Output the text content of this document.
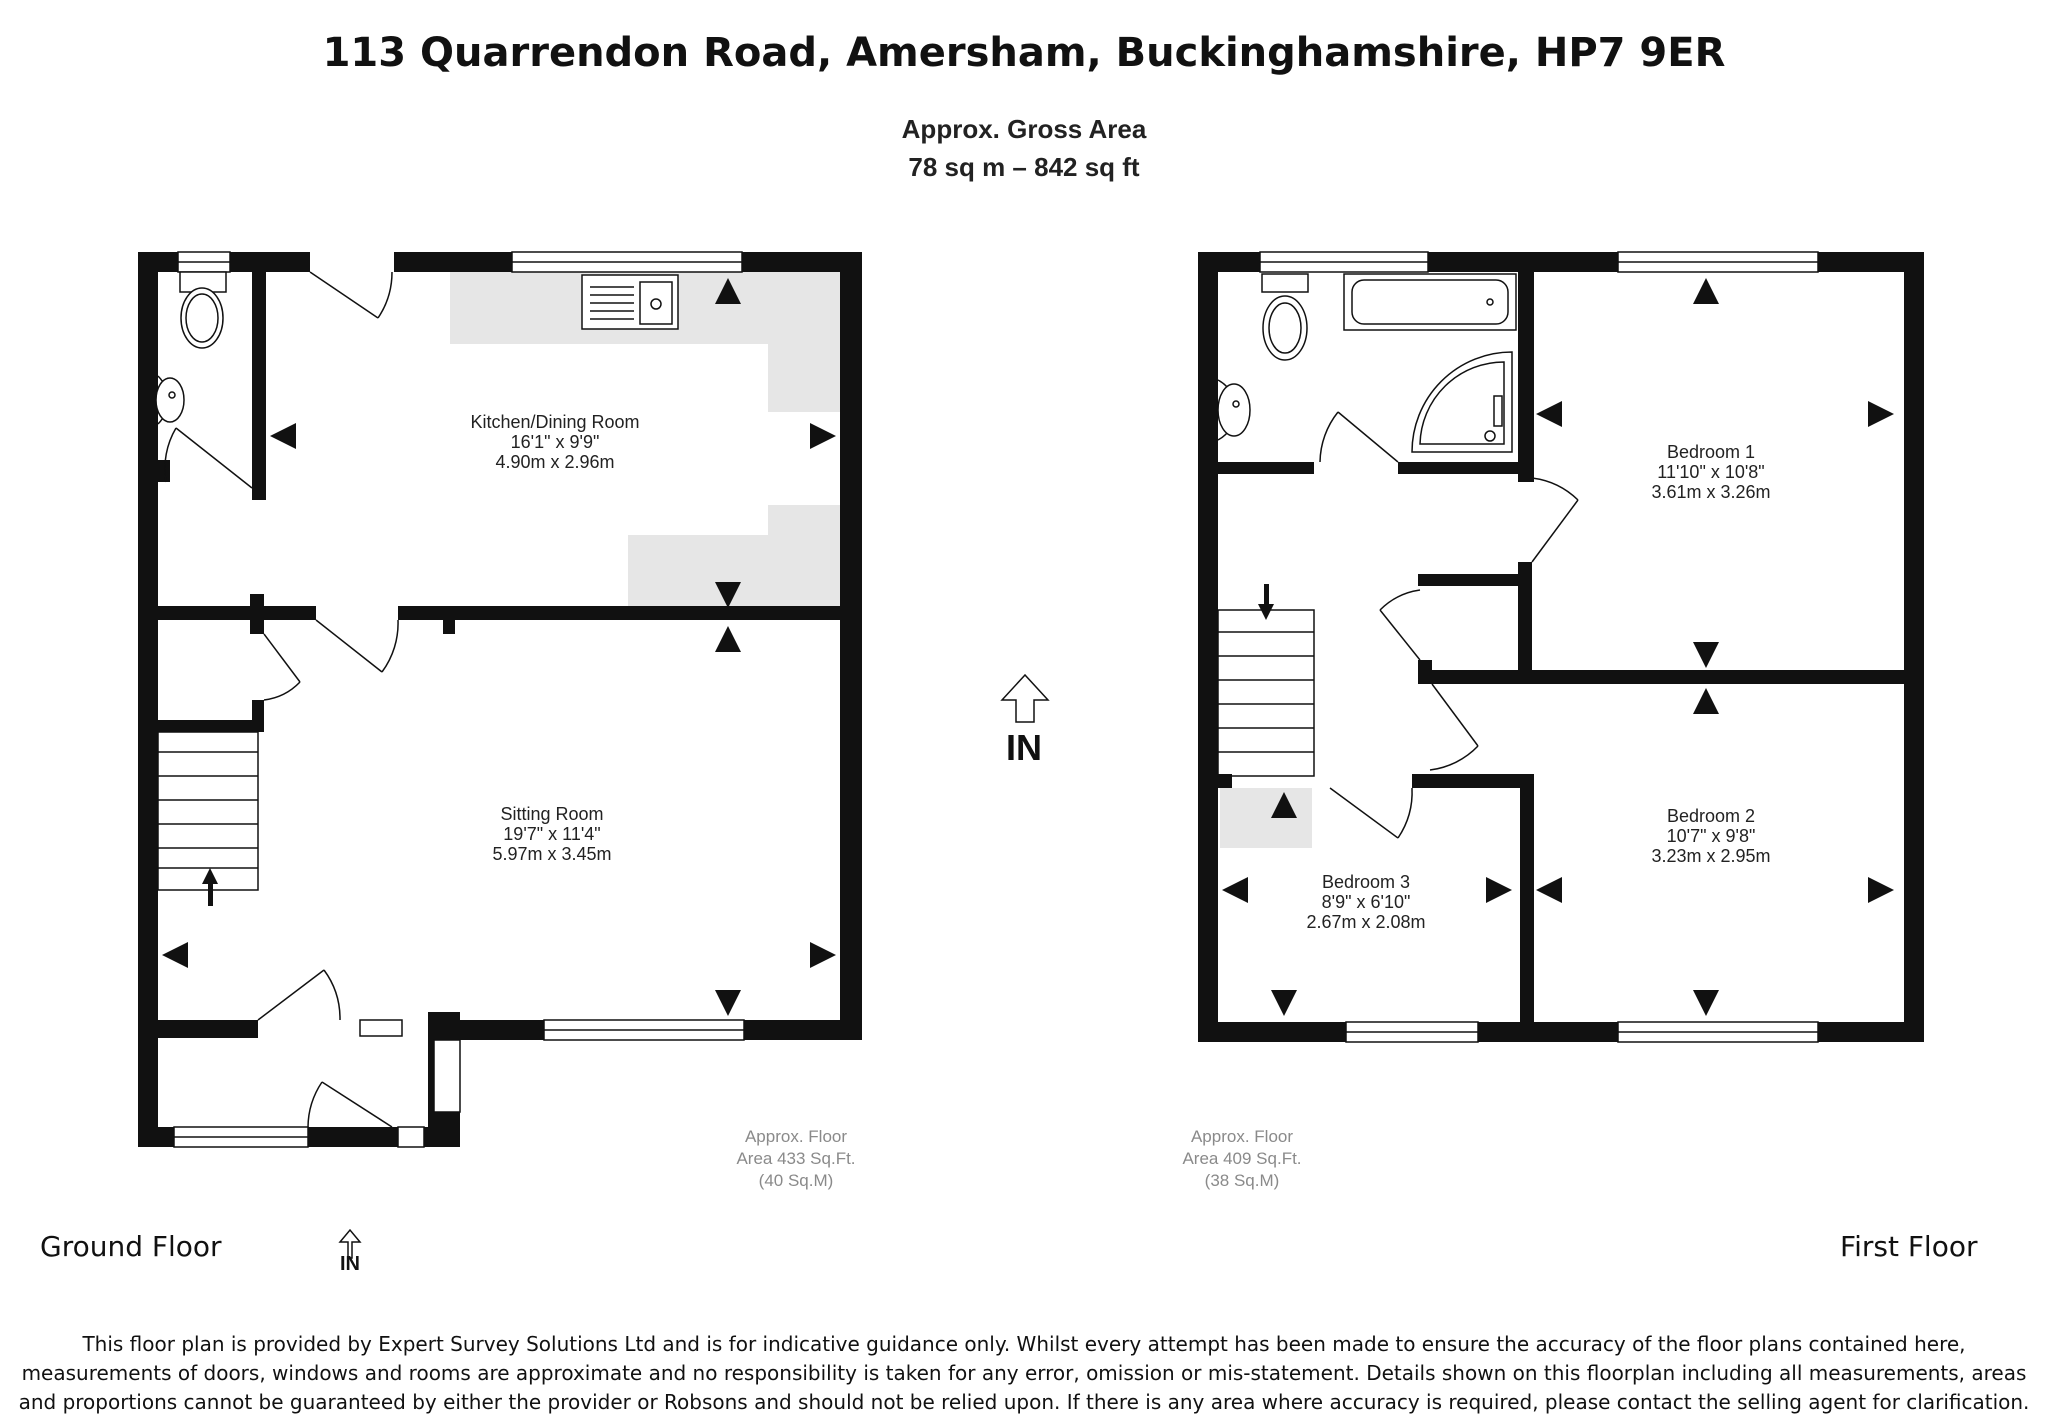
113 Quarrendon Road, Amersham, Buckinghamshire, HP7 9ER
Approx. Gross Area
78 sq m – 842 sq ft
Kitchen/Dining Room
16'1" x 9'9"
4.90m x 2.96m
Sitting Room
19'7" x 11'4"
5.97m x 3.45m
Approx. Floor
Area 433 Sq.Ft.
(40 Sq.M)
IN
IN
Bedroom 1
11'10" x 10'8"
3.61m x 3.26m
Bedroom 2
10'7" x 9'8"
3.23m x 2.95m
Bedroom 3
8'9" x 6'10"
2.67m x 2.08m
Approx. Floor
Area 409 Sq.Ft.
(38 Sq.M)
Ground Floor	First Floor
This floor plan is provided by Expert Survey Solutions Ltd and is for indicative guidance only. Whilst every attempt has been made to ensure the accuracy of the floor plans contained here, measurements of doors, windows and rooms are approximate and no responsibility is taken for any error, omission or mis-statement. Details shown on this floorplan including all measurements, areas and proportions cannot be guaranteed by either the provider or Robsons and should not be relied upon. If there is any area where accuracy is required, please contact the selling agent for clarification.
